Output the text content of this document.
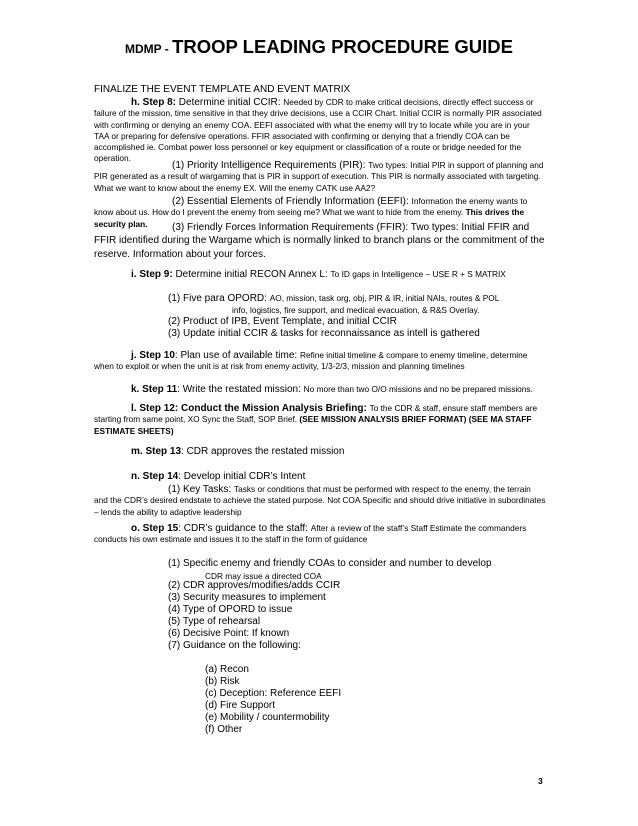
MDMP - TROOP LEADING PROCEDURE GUIDE
FINALIZE THE EVENT TEMPLATE AND EVENT MATRIX
h. Step 8: Determine initial CCIR: Needed by CDR to make critical decisions, directly effect success or failure of the mission, time sensitive in that they drive decisions, use a CCIR Chart. Initial CCIR is normally PIR associated with confirming or denying an enemy COA. EEFI associated with what the enemy will try to locate while you are in your TAA or preparing for defensive operations. FFIR associated with confirming or denying that a friendly COA can be accomplished ie. Combat power loss personnel or key equipment or classification of a route or bridge needed for the operation.
(1) Priority Intelligence Requirements (PIR): Two types: Initial PIR in support of planning and PIR generated as a result of wargaming that is PIR in support of execution. This PIR is normally associated with targeting. What we want to know about the enemy EX. Will the enemy CATK use AA2?
(2) Essential Elements of Friendly Information (EEFI): Information the enemy wants to know about us. How do I prevent the enemy from seeing me? What we want to hide from the enemy. This drives the security plan.	(3) Friendly Forces Information Requirements (FFIR): Two types: Initial FFIR and FFIR identified during the Wargame which is normally linked to branch plans or the commitment of the reserve. Information about your forces.
i. Step 9: Determine initial RECON Annex L: To ID gaps in Intelligence – USE R + S MATRIX
(1) Five para OPORD: AO, mission, task org, obj, PIR & IR, initial NAIs, routes & POL
info, logistics, fire support, and medical evacuation, & R&S Overlay.
(2) Product of IPB, Event Template, and initial CCIR
(3) Update initial CCIR & tasks for reconnaissance as intell is gathered
j. Step 10: Plan use of available time: Refine initial timeline & compare to enemy timeline, determine when to exploit or when the unit is at risk from enemy activity, 1/3-2/3, mission and planning timelines
k. Step 11: Write the restated mission: No more than two O/O missions and no be prepared missions.
l. Step 12: Conduct the Mission Analysis Briefing: To the CDR & staff, ensure staff members are starting from same point, XO Sync the Staff, SOP Brief. (SEE MISSION ANALYSIS BRIEF FORMAT) (SEE MA STAFF ESTIMATE SHEETS)
m. Step 13: CDR approves the restated mission
n. Step 14: Develop initial CDR’s Intent
(1) Key Tasks: Tasks or conditions that must be performed with respect to the enemy, the terrain and the CDR’s desired endstate to achieve the stated purpose. Not COA Specific and should drive initiative in subordinates – lends the ability to adaptive leadership
o. Step 15: CDR’s guidance to the staff: After a review of the staff’s Staff Estimate the commanders conducts his own estimate and issues it to the staff in the form of guidance
(1) Specific enemy and friendly COAs to consider and number to develop
CDR may issue a directed COA
(2) CDR approves/modifies/adds CCIR
(3) Security measures to implement
(4) Type of OPORD to issue
(5) Type of rehearsal
(6) Decisive Point: If known
(7) Guidance on the following:
(a) Recon
(b) Risk
(c) Deception: Reference EEFI
(d) Fire Support
(e) Mobility / countermobility
(f) Other
3
